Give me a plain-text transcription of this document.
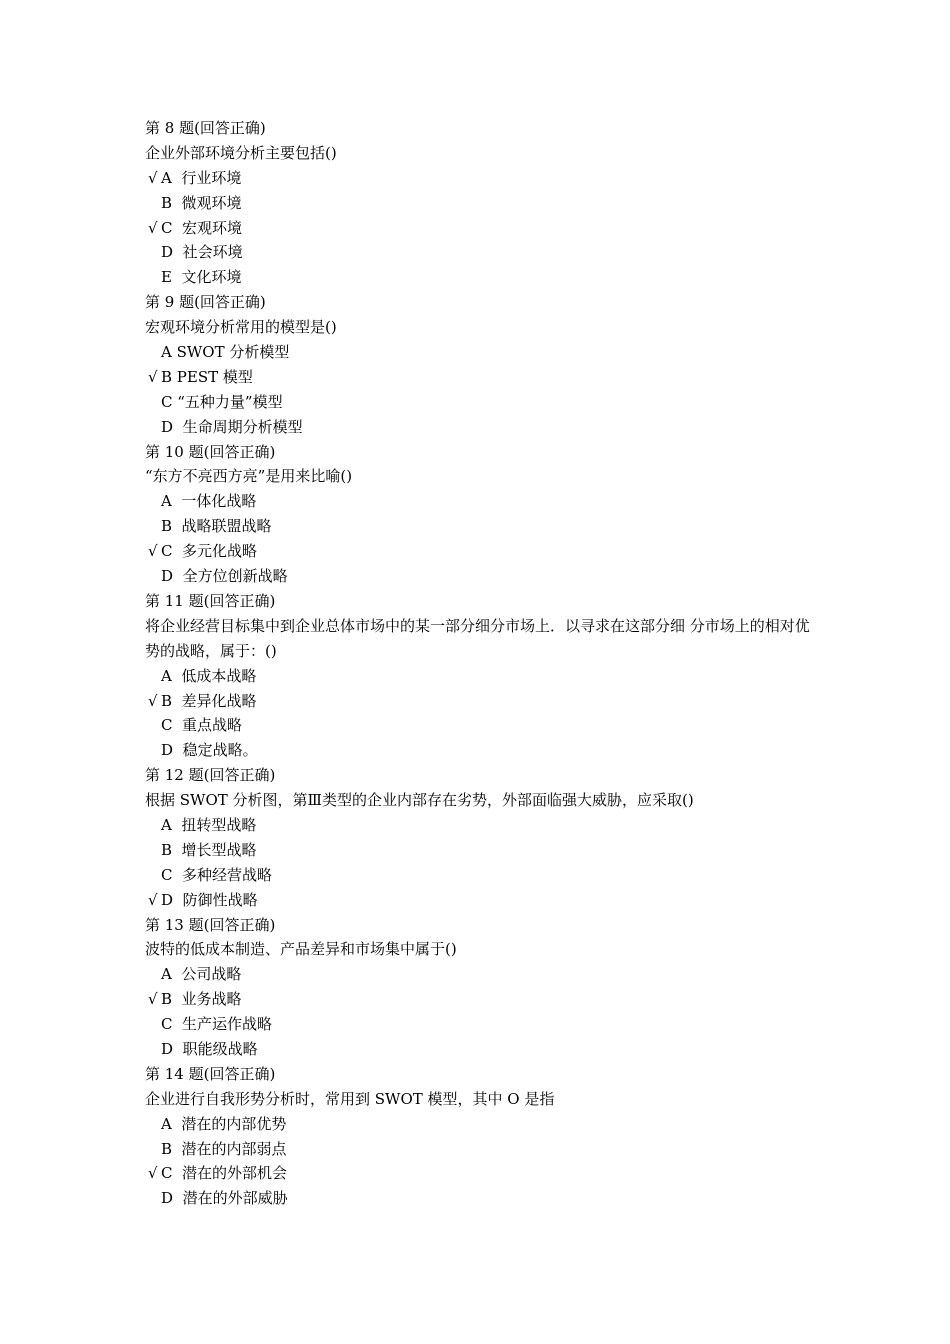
第 8 题(回答正确)
企业外部环境分析主要包括()
√ A  行业环境
B  微观环境
√ C  宏观环境
D  社会环境
E  文化环境
第 9 题(回答正确)
宏观环境分析常用的模型是()
A SWOT 分析模型
√ B PEST 模型
C “五种力量”模型
D  生命周期分析模型
第 10 题(回答正确)
“东方不亮西方亮”是用来比喻()
A  一体化战略
B  战略联盟战略
√ C  多元化战略
D  全方位创新战略
第 11 题(回答正确)
将企业经营目标集中到企业总体市场中的某一部分细分市场上．以寻求在这部分细 分市场上的相对优势的战略，属于：()
A  低成本战略
√ B  差异化战略
C  重点战略
D  稳定战略。
第 12 题(回答正确)
根据 SWOT 分析图，第Ⅲ类型的企业内部存在劣势，外部面临强大威胁，应采取()
A  扭转型战略
B  增长型战略
C  多种经营战略
√ D  防御性战略
第 13 题(回答正确)
波特的低成本制造、产品差异和市场集中属于()
A  公司战略
√ B  业务战略
C  生产运作战略
D  职能级战略
第 14 题(回答正确)
企业进行自我形势分析时，常用到 SWOT 模型，其中 O 是指
A  潜在的内部优势
B  潜在的内部弱点
√ C  潜在的外部机会
D  潜在的外部威胁
